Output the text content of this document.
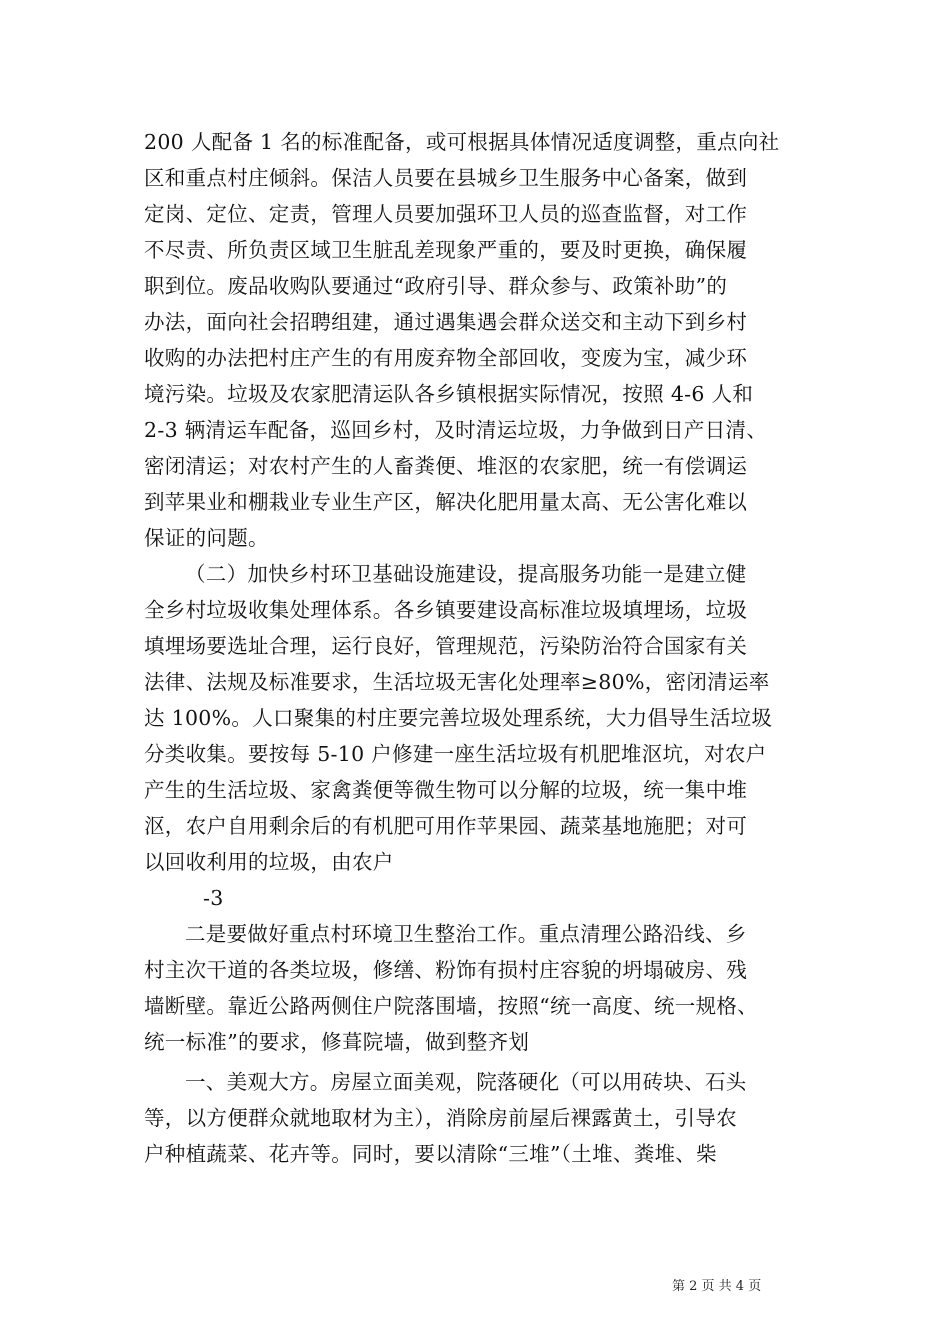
200 人配备 1 名的标准配备，或可根据具体情况适度调整，重点向社
区和重点村庄倾斜。保洁人员要在县城乡卫生服务中心备案，做到
定岗、定位、定责，管理人员要加强环卫人员的巡查监督，对工作
不尽责、所负责区域卫生脏乱差现象严重的，要及时更换，确保履
职到位。废品收购队要通过“政府引导、群众参与、政策补助”的
办法，面向社会招聘组建，通过遇集遇会群众送交和主动下到乡村
收购的办法把村庄产生的有用废弃物全部回收，变废为宝，减少环
境污染。垃圾及农家肥清运队各乡镇根据实际情况，按照 4-6 人和
2-3 辆清运车配备，巡回乡村，及时清运垃圾，力争做到日产日清、
密闭清运；对农村产生的人畜粪便、堆沤的农家肥，统一有偿调运
到苹果业和棚栽业专业生产区，解决化肥用量太高、无公害化难以
保证的问题。
（二）加快乡村环卫基础设施建设，提高服务功能一是建立健
全乡村垃圾收集处理体系。各乡镇要建设高标准垃圾填埋场，垃圾
填埋场要选址合理，运行良好，管理规范，污染防治符合国家有关
法律、法规及标准要求，生活垃圾无害化处理率≥80%，密闭清运率
达 100%。人口聚集的村庄要完善垃圾处理系统，大力倡导生活垃圾
分类收集。要按每 5-10 户修建一座生活垃圾有机肥堆沤坑，对农户
产生的生活垃圾、家禽粪便等微生物可以分解的垃圾，统一集中堆
沤，农户自用剩余后的有机肥可用作苹果园、蔬菜基地施肥；对可
以回收利用的垃圾，由农户
-3
二是要做好重点村环境卫生整治工作。重点清理公路沿线、乡
村主次干道的各类垃圾，修缮、粉饰有损村庄容貌的坍塌破房、残
墙断壁。靠近公路两侧住户院落围墙，按照“统一高度、统一规格、
统一标准”的要求，修葺院墙，做到整齐划
一、美观大方。房屋立面美观，院落硬化（可以用砖块、石头
等，以方便群众就地取材为主），消除房前屋后裸露黄土，引导农
户种植蔬菜、花卉等。同时，要以清除“三堆”（土堆、粪堆、柴
第 2 页 共 4 页
